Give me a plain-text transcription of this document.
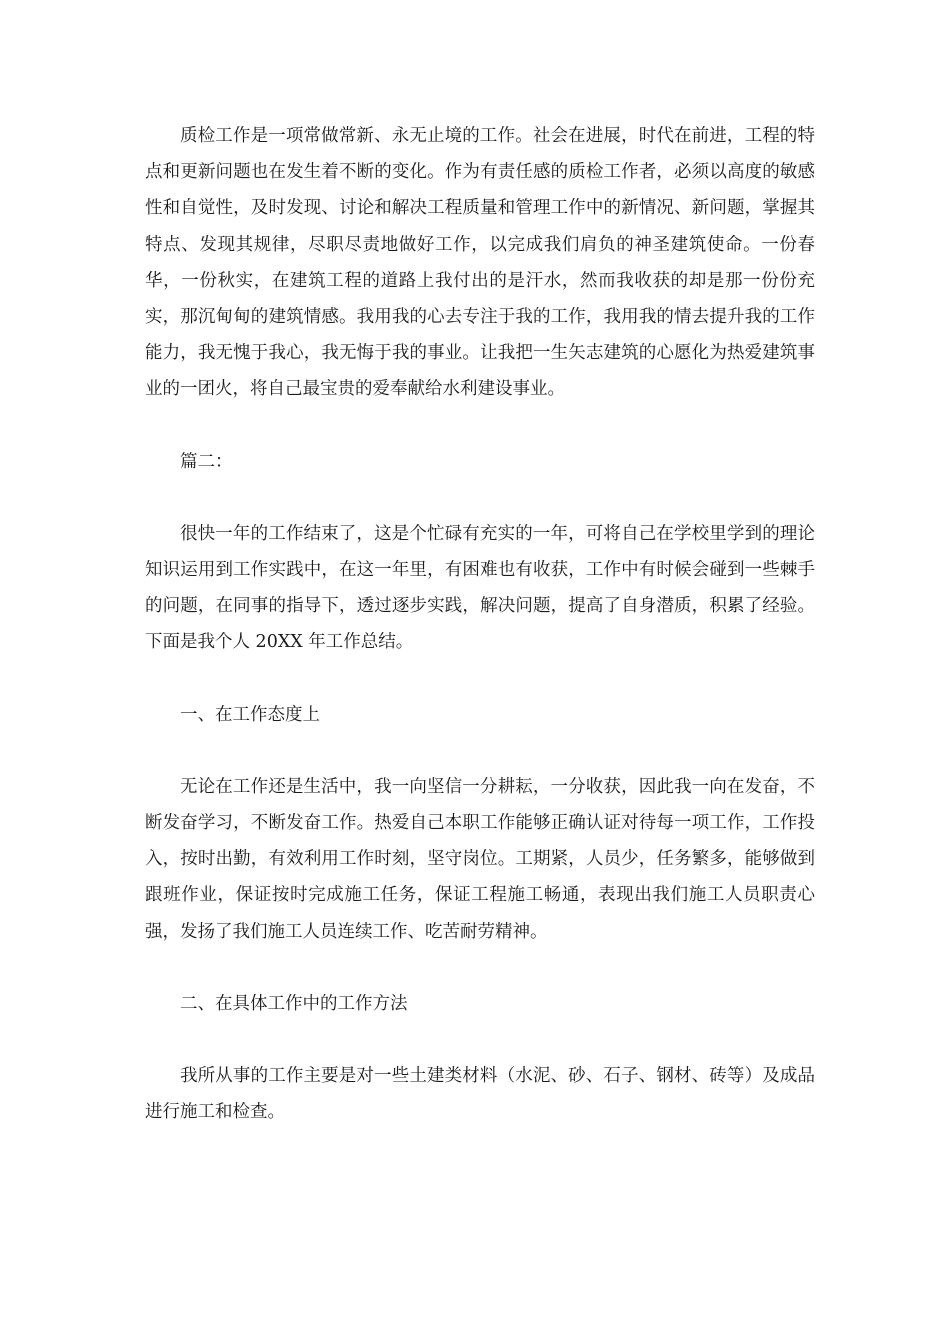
质检工作是一项常做常新、永无止境的工作。社会在进展，时代在前进，工程的特点和更新问题也在发生着不断的变化。作为有责任感的质检工作者，必须以高度的敏感性和自觉性，及时发现、讨论和解决工程质量和管理工作中的新情况、新问题，掌握其特点、发现其规律，尽职尽责地做好工作，以完成我们肩负的神圣建筑使命。一份春华，一份秋实，在建筑工程的道路上我付出的是汗水，然而我收获的却是那一份份充实，那沉甸甸的建筑情感。我用我的心去专注于我的工作，我用我的情去提升我的工作能力，我无愧于我心，我无悔于我的事业。让我把一生矢志建筑的心愿化为热爱建筑事业的一团火，将自己最宝贵的爱奉献给水利建设事业。

篇二：

很快一年的工作结束了，这是个忙碌有充实的一年，可将自己在学校里学到的理论知识运用到工作实践中，在这一年里，有困难也有收获，工作中有时候会碰到一些棘手的问题，在同事的指导下，透过逐步实践，解决问题，提高了自身潜质，积累了经验。下面是我个人 20XX 年工作总结。

一、在工作态度上

无论在工作还是生活中，我一向坚信一分耕耘，一分收获，因此我一向在发奋，不断发奋学习，不断发奋工作。热爱自己本职工作能够正确认证对待每一项工作，工作投入，按时出勤，有效利用工作时刻，坚守岗位。工期紧，人员少，任务繁多，能够做到跟班作业，保证按时完成施工任务，保证工程施工畅通，表现出我们施工人员职责心强，发扬了我们施工人员连续工作、吃苦耐劳精神。

二、在具体工作中的工作方法

我所从事的工作主要是对一些土建类材料（水泥、砂、石子、钢材、砖等）及成品进行施工和检查。
